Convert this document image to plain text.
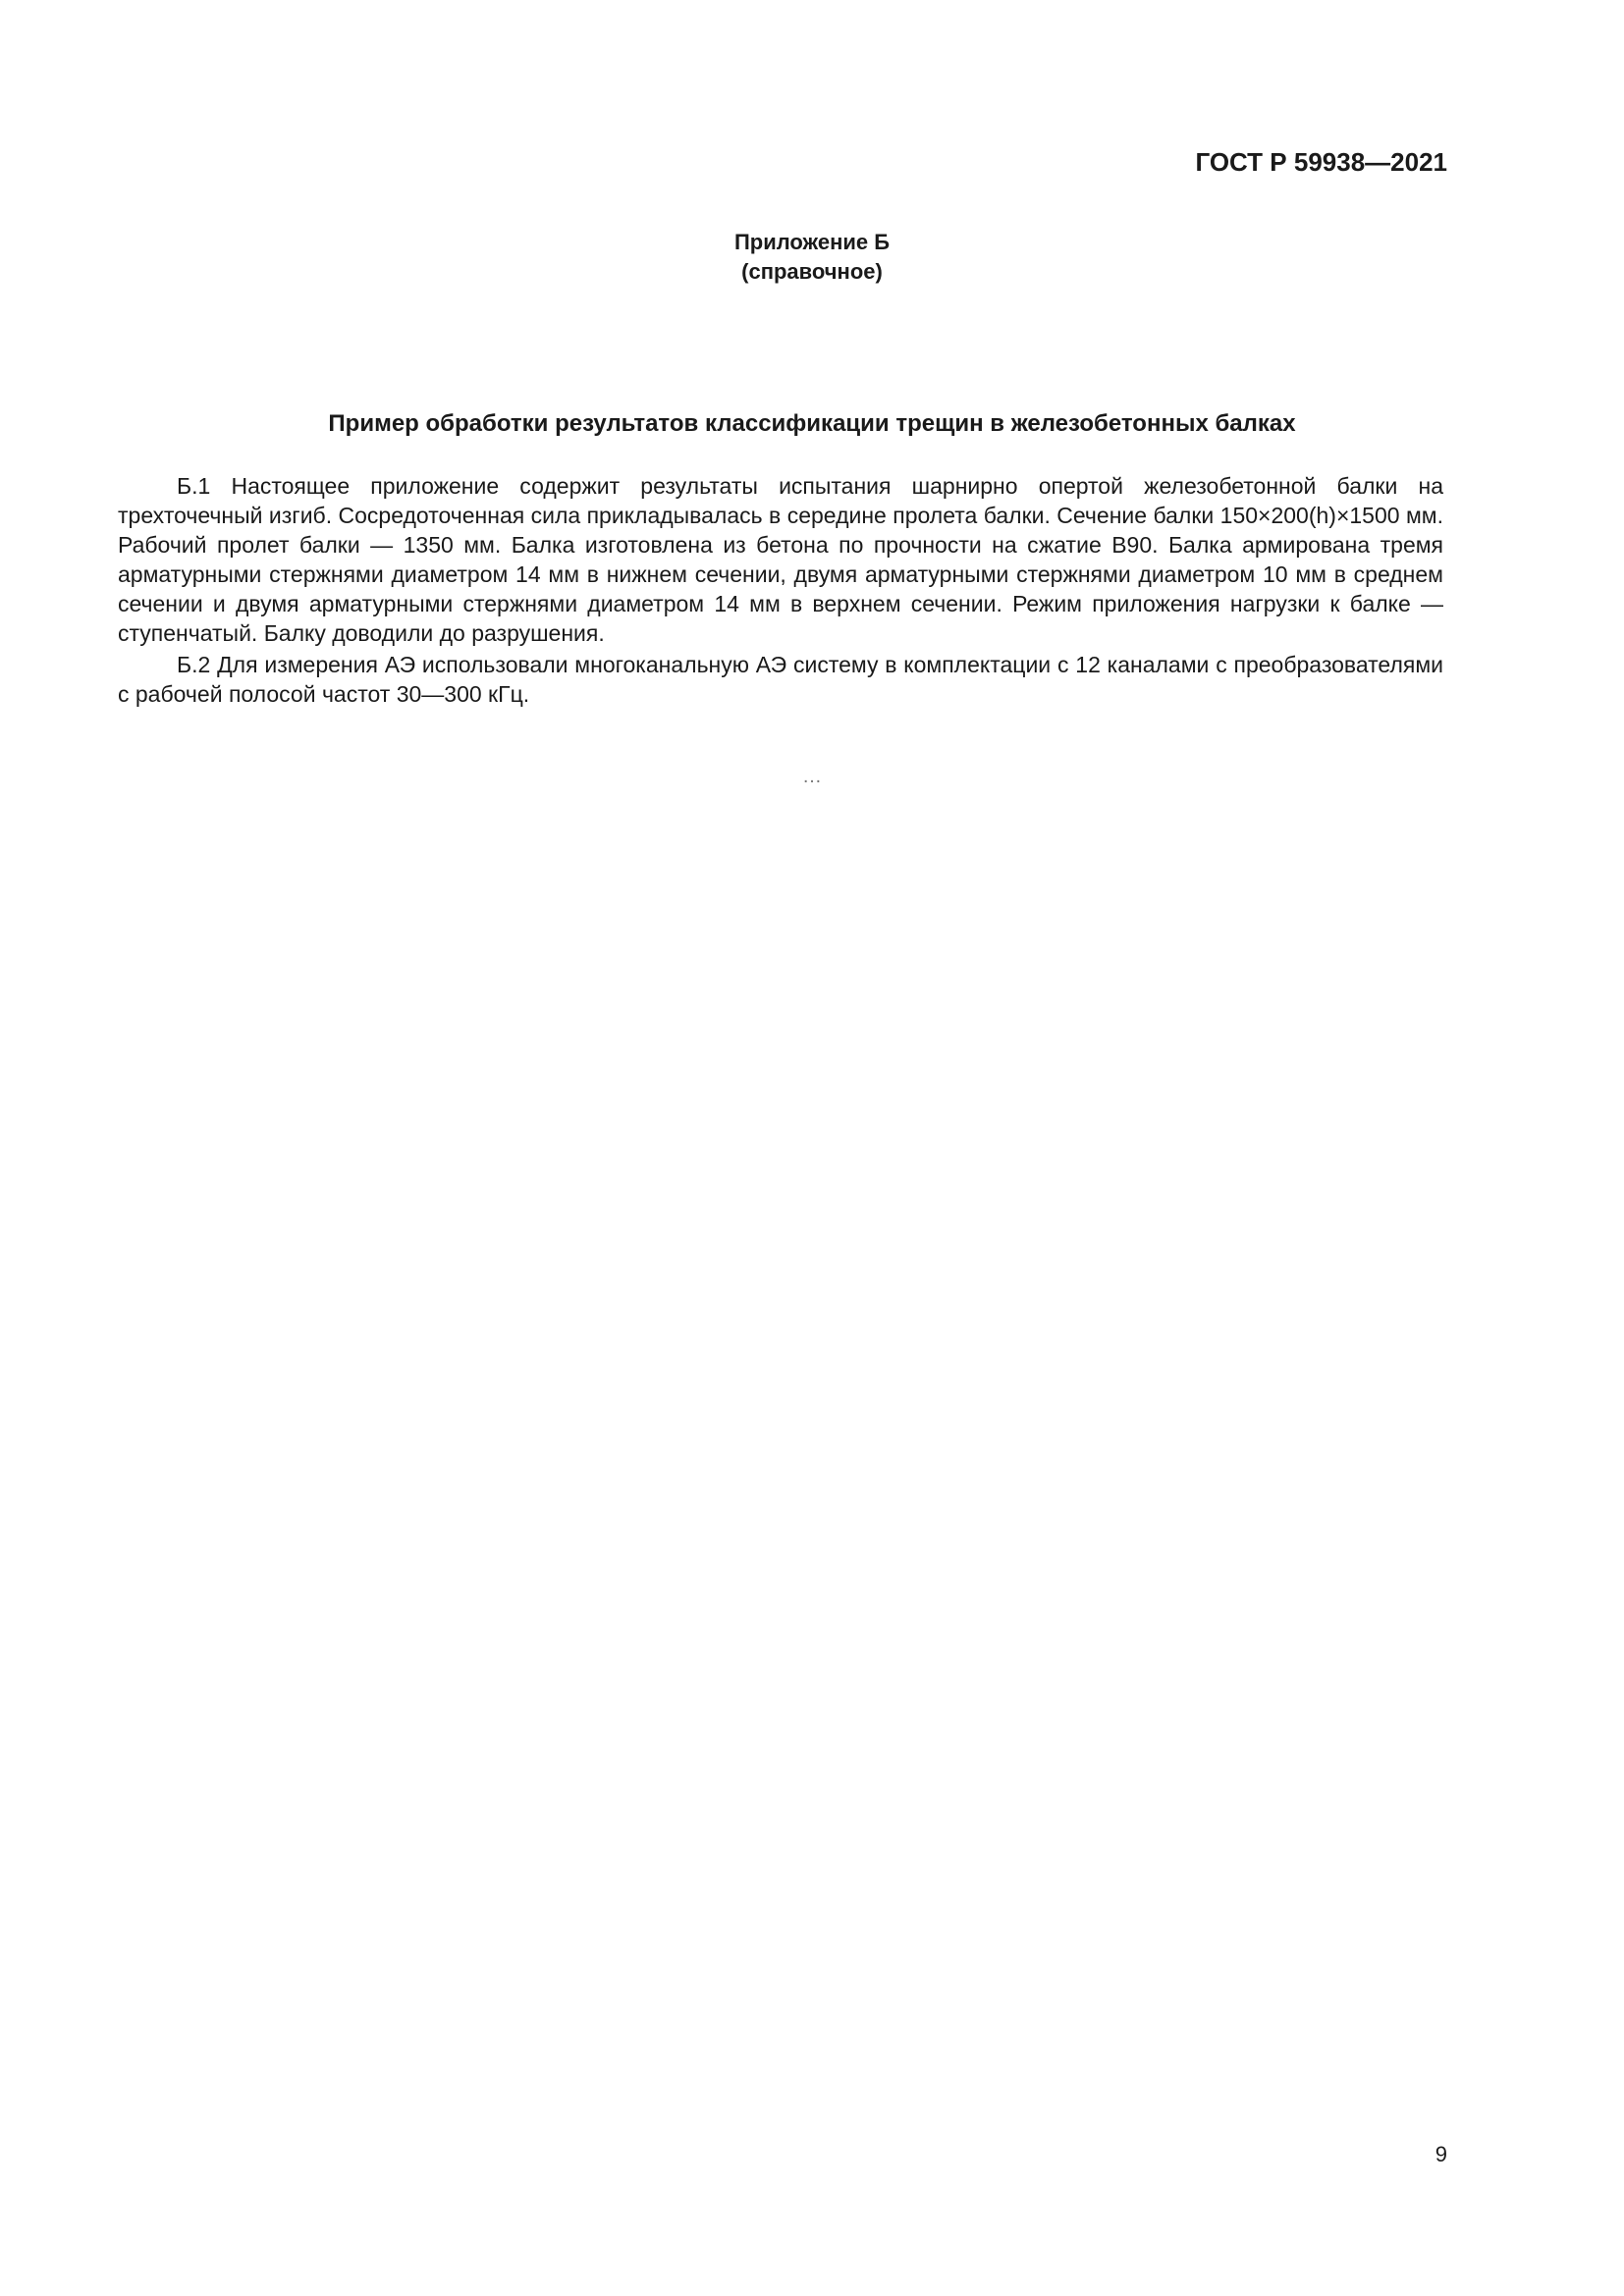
ГОСТ Р 59938—2021
Приложение Б
(справочное)
Пример обработки результатов классификации трещин в железобетонных балках

Б.1 Настоящее приложение содержит результаты испытания шарнирно опертой железобетонной балки на трехточечный изгиб. Сосредоточенная сила прикладывалась в середине пролета балки. Сечение балки 150×200(h)×1500 мм. Рабочий пролет балки — 1350 мм. Балка изготовлена из бетона по прочности на сжатие В90. Балка армирована тремя арматурными стержнями диаметром 14 мм в нижнем сечении, двумя арматурными стержнями диаметром 10 мм в среднем сечении и двумя арматурными стержнями диаметром 14 мм в верхнем сечении. Режим приложения нагрузки к балке — ступенчатый. Балку доводили до разрушения.

Б.2 Для измерения АЭ использовали многоканальную АЭ систему в комплектации с 12 каналами с преобразователями с рабочей полосой частот 30—300 кГц.

…
9
